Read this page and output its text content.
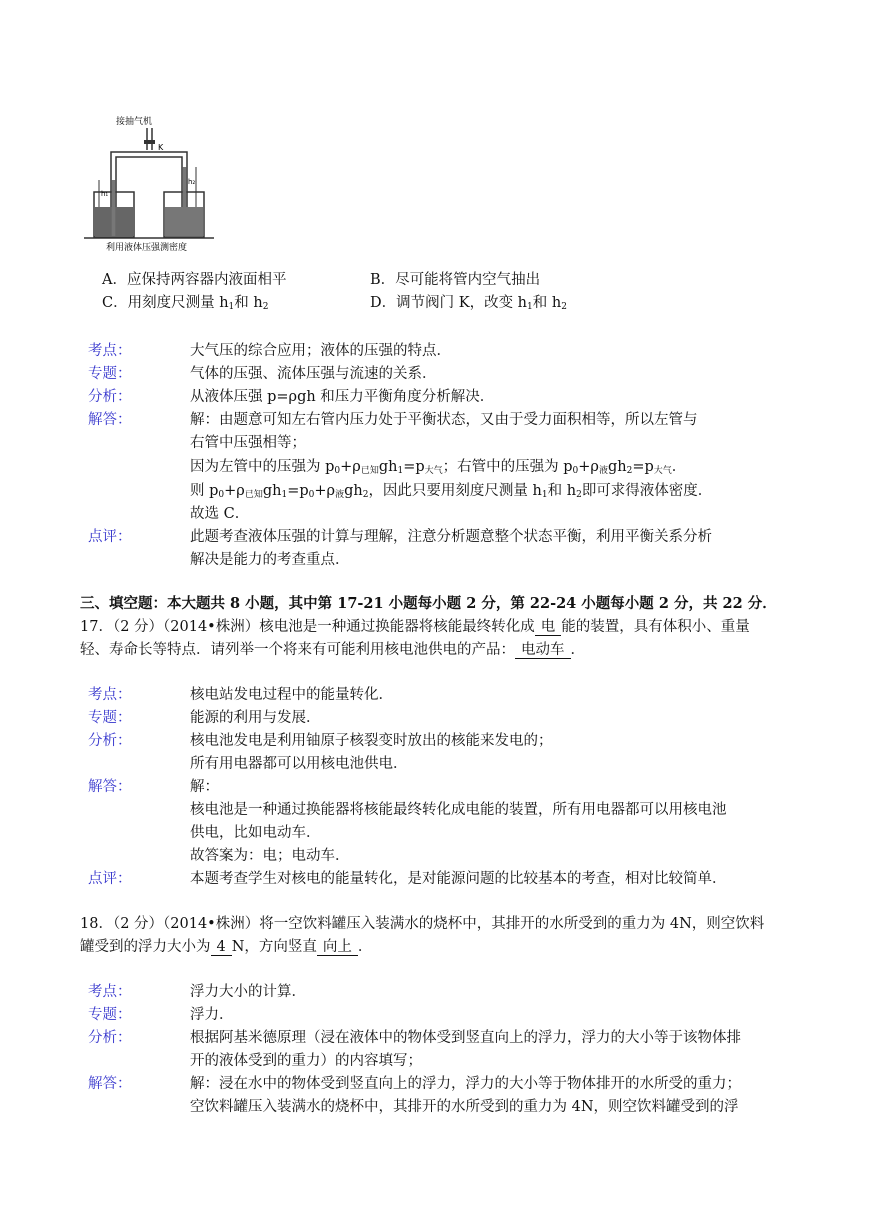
接抽气机
K
h₁
h₂
利用液体压强测密度
A．应保持两容器内液面相平	B．尽可能将管内空气抽出
C．用刻度尺测量 $h_1$和 $h_2$	D．调节阀门 K，改变 $h_1$和 $h_2$
考点：	大气压的综合应用；液体的压强的特点．
专题：	气体的压强、流体压强与流速的关系．
分析：	从液体压强 p=ρgh 和压力平衡角度分析解决．
解答：	解：由题意可知左右管内压力处于平衡状态，又由于受力面积相等，所以左管与
右管中压强相等；
因为左管中的压强为 $p_0+\rho_{已知}gh_1=p_{大气}$；右管中的压强为 $p_0+\rho_液gh_2=p_{大气}$．
则 $p_0+\rho_{已知}gh_1=p_0+\rho_液gh_2$，因此只要用刻度尺测量 $h_1$和 $h_2$即可求得液体密度．
故选 C．
点评：	此题考查液体压强的计算与理解，注意分析题意整个状态平衡，利用平衡关系分析
解决是能力的考查重点．
三、填空题：本大题共 8 小题，其中第 17-21 小题每小题 2 分，第 22-24 小题每小题 2 分，共 22 分．
17．（2 分）（2014•株洲）核电池是一种通过换能器将核能最终转化成 电 能的装置，具有体积小、重量
轻、寿命长等特点．请列举一个将来有可能利用核电池供电的产品： 电动车 ．
考点：	核电站发电过程中的能量转化．
专题：	能源的利用与发展．
分析：	核电池发电是利用铀原子核裂变时放出的核能来发电的；
所有用电器都可以用核电池供电．
解答：	解：
核电池是一种通过换能器将核能最终转化成电能的装置，所有用电器都可以用核电池
供电，比如电动车．
故答案为：电；电动车．
点评：	本题考查学生对核电的能量转化，是对能源问题的比较基本的考查，相对比较简单．
18．（2 分）（2014•株洲）将一空饮料罐压入装满水的烧杯中，其排开的水所受到的重力为 4N，则空饮料
罐受到的浮力大小为 4 N，方向竖直 向上 ．
考点：	浮力大小的计算．
专题：	浮力．
分析：	根据阿基米德原理（浸在液体中的物体受到竖直向上的浮力，浮力的大小等于该物体排
开的液体受到的重力）的内容填写；
解答：	解：浸在水中的物体受到竖直向上的浮力，浮力的大小等于物体排开的水所受的重力；
空饮料罐压入装满水的烧杯中，其排开的水所受到的重力为 4N，则空饮料罐受到的浮
